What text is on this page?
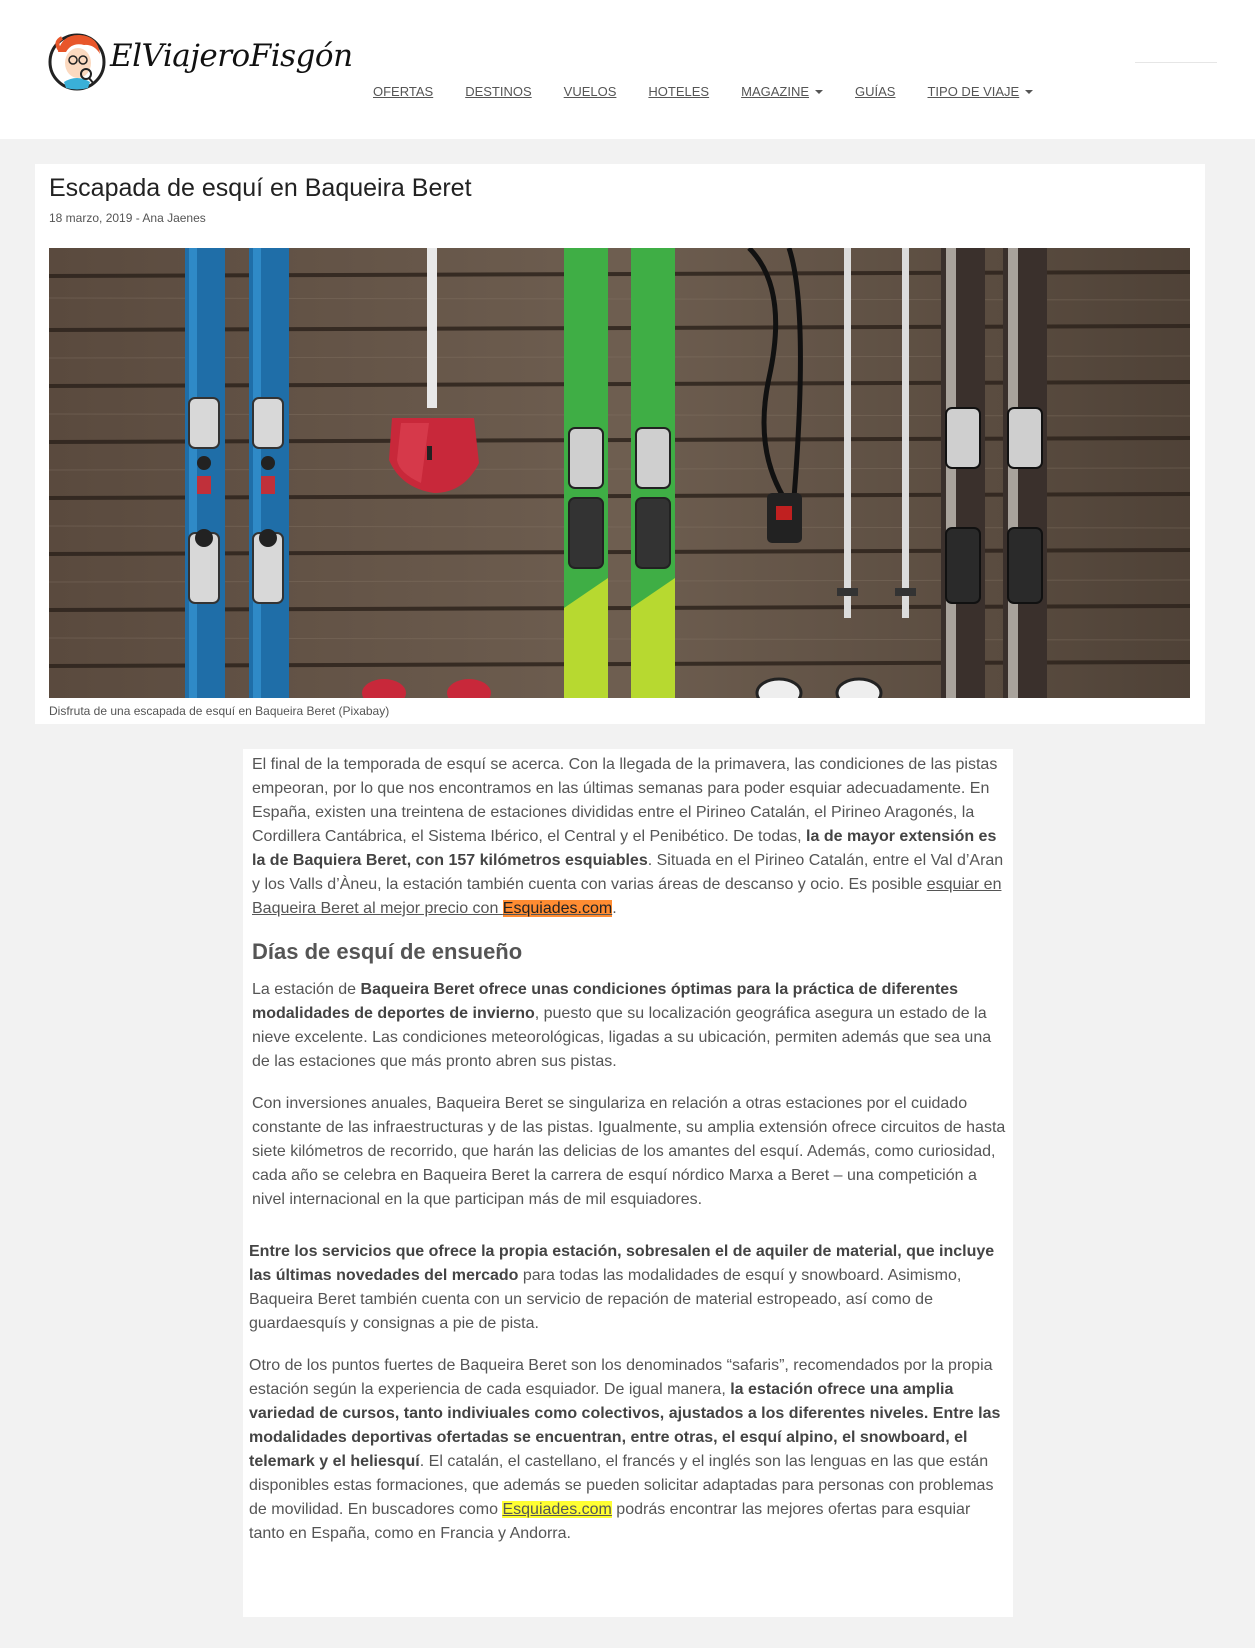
ElViajeroFisgón
OFERTAS DESTINOS VUELOS HOTELES MAGAZINE	GUÍAS TIPO DE VIAJE
Escapada de esquí en Baqueira Beret
18 marzo, 2019 - Ana Jaenes
Disfruta de una escapada de esquí en Baqueira Beret (Pixabay)

El final de la temporada de esquí se acerca. Con la llegada de la primavera, las condiciones de las pistas empeoran, por lo que nos encontramos en las últimas semanas para poder esquiar adecuadamente. En España, existen una treintena de estaciones divididas entre el Pirineo Catalán, el Pirineo Aragonés, la Cordillera Cantábrica, el Sistema Ibérico, el Central y el Penibético. De todas, la de mayor extensión es la de Baquiera Beret, con 157 kilómetros esquiables. Situada en el Pirineo Catalán, entre el Val d’Aran y los Valls d’Àneu, la estación también cuenta con varias áreas de descanso y ocio. Es posible esquiar en Baqueira Beret al mejor precio con Esquiades.com.

Días de esquí de ensueño

La estación de Baqueira Beret ofrece unas condiciones óptimas para la práctica de diferentes modalidades de deportes de invierno, puesto que su localización geográfica asegura un estado de la nieve excelente. Las condiciones meteorológicas, ligadas a su ubicación, permiten además que sea una de las estaciones que más pronto abren sus pistas.

Con inversiones anuales, Baqueira Beret se singulariza en relación a otras estaciones por el cuidado constante de las infraestructuras y de las pistas. Igualmente, su amplia extensión ofrece circuitos de hasta siete kilómetros de recorrido, que harán las delicias de los amantes del esquí. Además, como curiosidad, cada año se celebra en Baqueira Beret la carrera de esquí nórdico Marxa a Beret – una competición a nivel internacional en la que participan más de mil esquiadores.

Entre los servicios que ofrece la propia estación, sobresalen el de aquiler de material, que incluye las últimas novedades del mercado para todas las modalidades de esquí y snowboard. Asimismo, Baqueira Beret también cuenta con un servicio de repación de material estropeado, así como de guardaesquís y consignas a pie de pista.

Otro de los puntos fuertes de Baqueira Beret son los denominados “safaris”, recomendados por la propia estación según la experiencia de cada esquiador. De igual manera, la estación ofrece una amplia variedad de cursos, tanto indiviuales como colectivos, ajustados a los diferentes niveles. Entre las modalidades deportivas ofertadas se encuentran, entre otras, el esquí alpino, el snowboard, el telemark y el heliesquí. El catalán, el castellano, el francés y el inglés son las lenguas en las que están disponibles estas formaciones, que además se pueden solicitar adaptadas para personas con problemas de movilidad. En buscadores como Esquiades.com podrás encontrar las mejores ofertas para esquiar tanto en España, como en Francia y Andorra.
